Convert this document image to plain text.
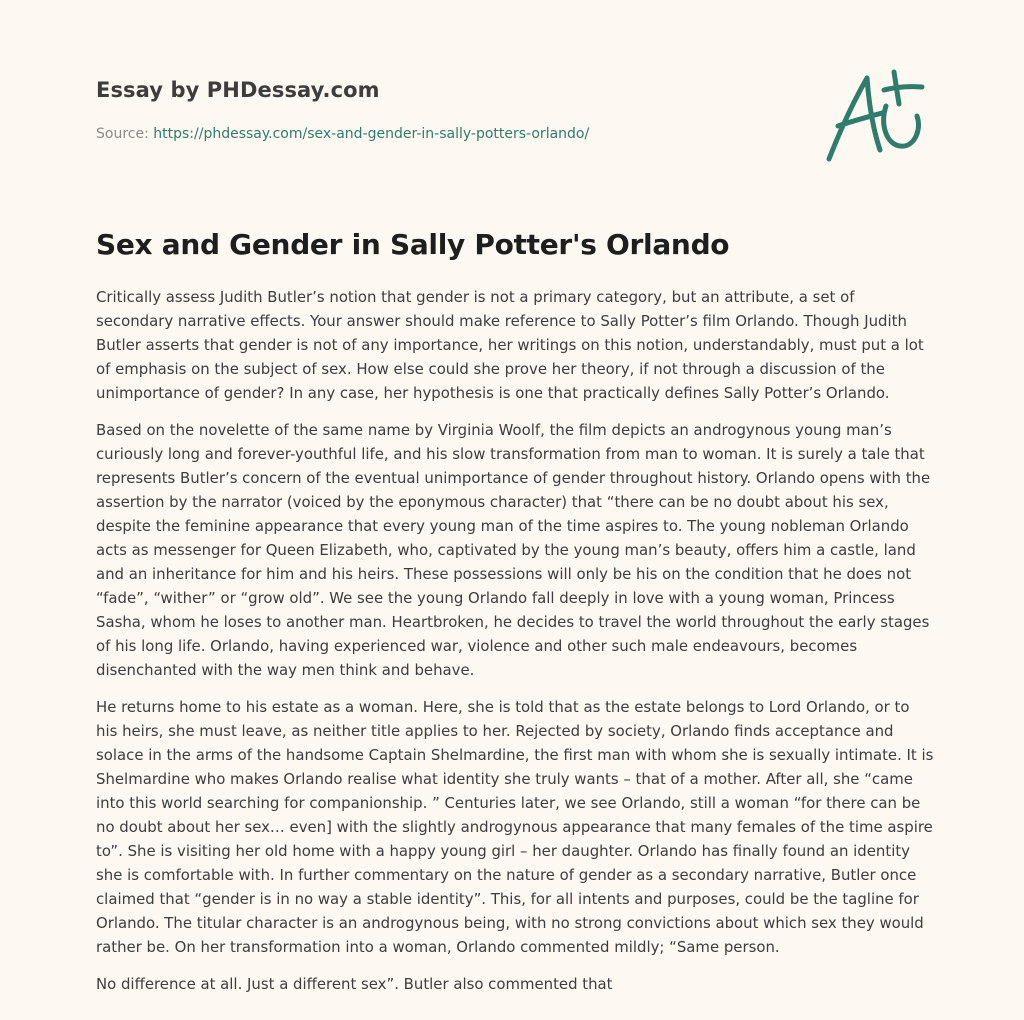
Essay by PHDessay.com
Source: https://phdessay.com/sex-and-gender-in-sally-potters-orlando/
Sex and Gender in Sally Potter's Orlando

Critically assess Judith Butler’s notion that gender is not a primary category, but an attribute, a set of secondary narrative effects. Your answer should make reference to Sally Potter’s film Orlando. Though Judith Butler asserts that gender is not of any importance, her writings on this notion, understandably, must put a lot of emphasis on the subject of sex. How else could she prove her theory, if not through a discussion of the unimportance of gender? In any case, her hypothesis is one that practically defines Sally Potter’s Orlando.

Based on the novelette of the same name by Virginia Woolf, the film depicts an androgynous young man’s curiously long and forever-youthful life, and his slow transformation from man to woman. It is surely a tale that represents Butler’s concern of the eventual unimportance of gender throughout history. Orlando opens with the assertion by the narrator (voiced by the eponymous character) that “there can be no doubt about his sex, despite the feminine appearance that every young man of the time aspires to. The young nobleman Orlando acts as messenger for Queen Elizabeth, who, captivated by the young man’s beauty, offers him a castle, land and an inheritance for him and his heirs. These possessions will only be his on the condition that he does not “fade”, “wither” or “grow old”. We see the young Orlando fall deeply in love with a young woman, Princess Sasha, whom he loses to another man. Heartbroken, he decides to travel the world throughout the early stages of his long life. Orlando, having experienced war, violence and other such male endeavours, becomes disenchanted with the way men think and behave.

He returns home to his estate as a woman. Here, she is told that as the estate belongs to Lord Orlando, or to his heirs, she must leave, as neither title applies to her. Rejected by society, Orlando finds acceptance and solace in the arms of the handsome Captain Shelmardine, the first man with whom she is sexually intimate. It is Shelmardine who makes Orlando realise what identity she truly wants – that of a mother. After all, she “came into this world searching for companionship. ” Centuries later, we see Orlando, still a woman “for there can be no doubt about her sex… even] with the slightly androgynous appearance that many females of the time aspire to”. She is visiting her old home with a happy young girl – her daughter. Orlando has finally found an identity she is comfortable with. In further commentary on the nature of gender as a secondary narrative, Butler once claimed that “gender is in no way a stable identity”. This, for all intents and purposes, could be the tagline for Orlando. The titular character is an androgynous being, with no strong convictions about which sex they would rather be. On her transformation into a woman, Orlando commented mildly; “Same person.

No difference at all. Just a different sex”. Butler also commented that
